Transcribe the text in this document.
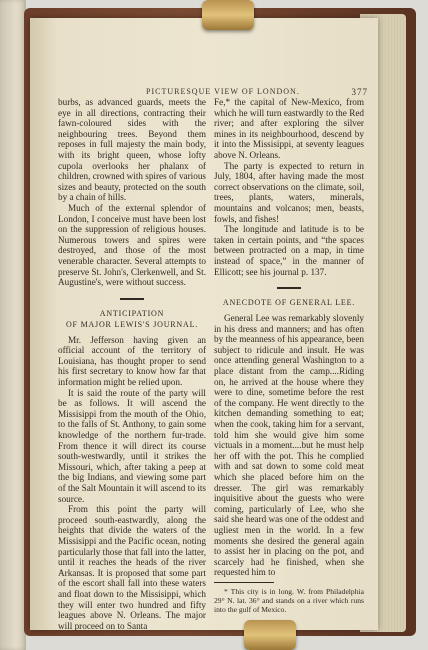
PICTURESQUE VIEW OF LONDON.	377

burbs, as advanced guards, meets the eye in all directions, contracting their fawn-coloured sides with the neighbouring trees. Beyond them reposes in full majesty the main body, with its bright queen, whose lofty cupola overlooks her phalanx of children, crowned with spires of various sizes and beauty, protected on the south by a chain of hills.

Much of the external splendor of London, I conceive must have been lost on the suppression of religious houses. Numerous towers and spires were destroyed, and those of the most venerable character. Several attempts to preserve St. John's, Clerkenwell, and St. Augustine's, were without success.

ANTICIPATION
OF MAJOR LEWIS'S JOURNAL.

Mr. Jefferson having given an official account of the territory of Louisiana, has thought proper to send his first secretary to know how far that information might be relied upon.

It is said the route of the party will be as follows. It will ascend the Missisippi from the mouth of the Ohio, to the falls of St. Anthony, to gain some knowledge of the northern fur-trade. From thence it will direct its course south-westwardly, until it strikes the Missouri, which, after taking a peep at the big Indians, and viewing some part of the Salt Mountain it will ascend to its source.

From this point the party will proceed south-eastwardly, along the heights that divide the waters of the Missisippi and the Pacific ocean, noting particularly those that fall into the latter, until it reaches the heads of the river Arkansas. It is proposed that some part of the escort shall fall into these waters and float down to the Missisippi, which they will enter two hundred and fifty leagues above N. Orleans. The major will proceed on to Santa

Fe,* the capital of New-Mexico, from which he will turn eastwardly to the Red river; and after exploring the silver mines in its neighbourhood, descend by it into the Missisippi, at seventy leagues above N. Orleans.

The party is expected to return in July, 1804, after having made the most correct observations on the climate, soil, trees, plants, waters, minerals, mountains and volcanos; men, beasts, fowls, and fishes!

The longitude and latitude is to be taken in certain points, and “the spaces between protracted on a map, in time instead of space,” in the manner of Ellicott; see his journal p. 137.

ANECDOTE OF GENERAL LEE.

General Lee was remarkably slovenly in his dress and manners; and has often by the meanness of his appearance, been subject to ridicule and insult. He was once attending general Washington to a place distant from the camp....Riding on, he arrived at the house where they were to dine, sometime before the rest of the company. He went directly to the kitchen demanding something to eat; when the cook, taking him for a servant, told him she would give him some victuals in a moment....but he must help her off with the pot. This he complied with and sat down to some cold meat which she placed before him on the dresser. The girl was remarkably inquisitive about the guests who were coming, particularly of Lee, who she said she heard was one of the oddest and ugliest men in the world. In a few moments she desired the general again to assist her in placing on the pot, and scarcely had he finished, when she requested him to

* This city is in long. W. from Philadelphia 29° N. lat. 36° and stands on a river which runs into the gulf of Mexico.
